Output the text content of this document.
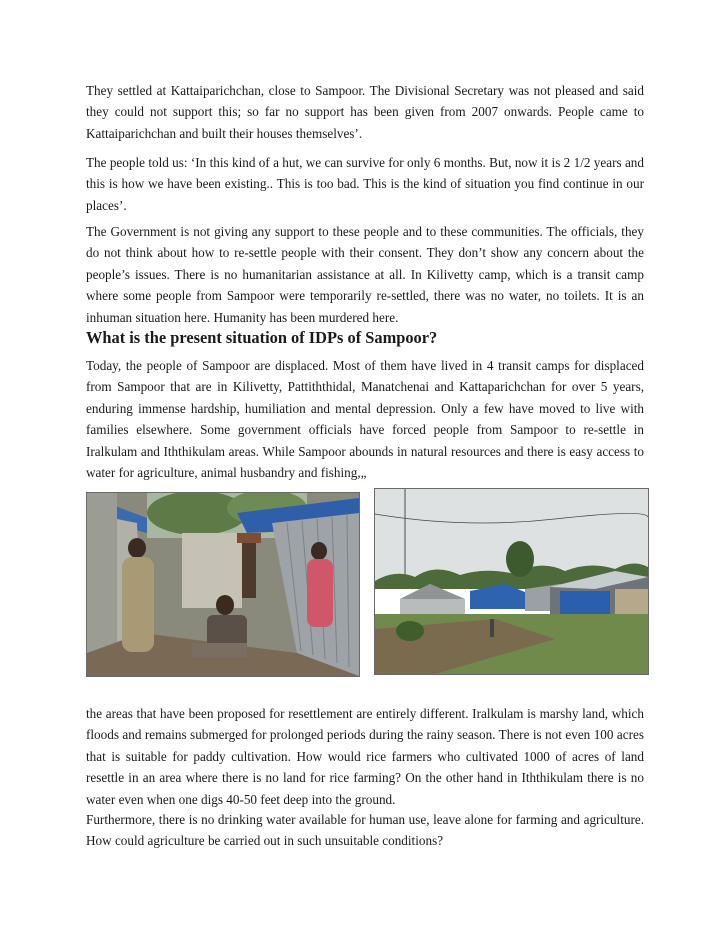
They settled at Kattaiparichchan, close to Sampoor. The Divisional Secretary was not pleased and said they could not support this; so far no support has been given from 2007 onwards. People came to Kattaiparichchan and built their houses themselves’.

The people told us: ‘In this kind of a hut, we can survive for only 6 months. But, now it is 2 1/2 years and this is how we have been existing.. This is too bad. This is the kind of situation you find continue in our places’.

The Government is not giving any support to these people and to these communities. The officials, they do not think about how to re-settle people with their consent. They don’t show any concern about the people’s issues. There is no humanitarian assistance at all. In Kilivetty camp, which is a transit camp where some people from Sampoor were temporarily re-settled, there was no water, no toilets. It is an inhuman situation here. Humanity has been murdered here.

What is the present situation of IDPs of Sampoor?

Today, the people of Sampoor are displaced. Most of them have lived in 4 transit camps for displaced from Sampoor that are in Kilivetty, Pattiththidal, Manatchenai and Kattaparichchan for over 5 years, enduring immense hardship, humiliation and mental depression. Only a few have moved to live with families elsewhere. Some government officials have forced people from Sampoor to re-settle in Iralkulam and Iththikulam areas. While Sampoor abounds in natural resources and there is easy access to water for agriculture, animal husbandry and fishing,„

the areas that have been proposed for resettlement are entirely different. Iralkulam is marshy land, which floods and remains submerged for prolonged periods during the rainy season. There is not even 100 acres that is suitable for paddy cultivation. How would rice farmers who cultivated 1000 of acres of land resettle in an area where there is no land for rice farming? On the other hand in Iththikulam there is no water even when one digs 40-50 feet deep into the ground.

Furthermore, there is no drinking water available for human use, leave alone for farming and agriculture. How could agriculture be carried out in such unsuitable conditions?
